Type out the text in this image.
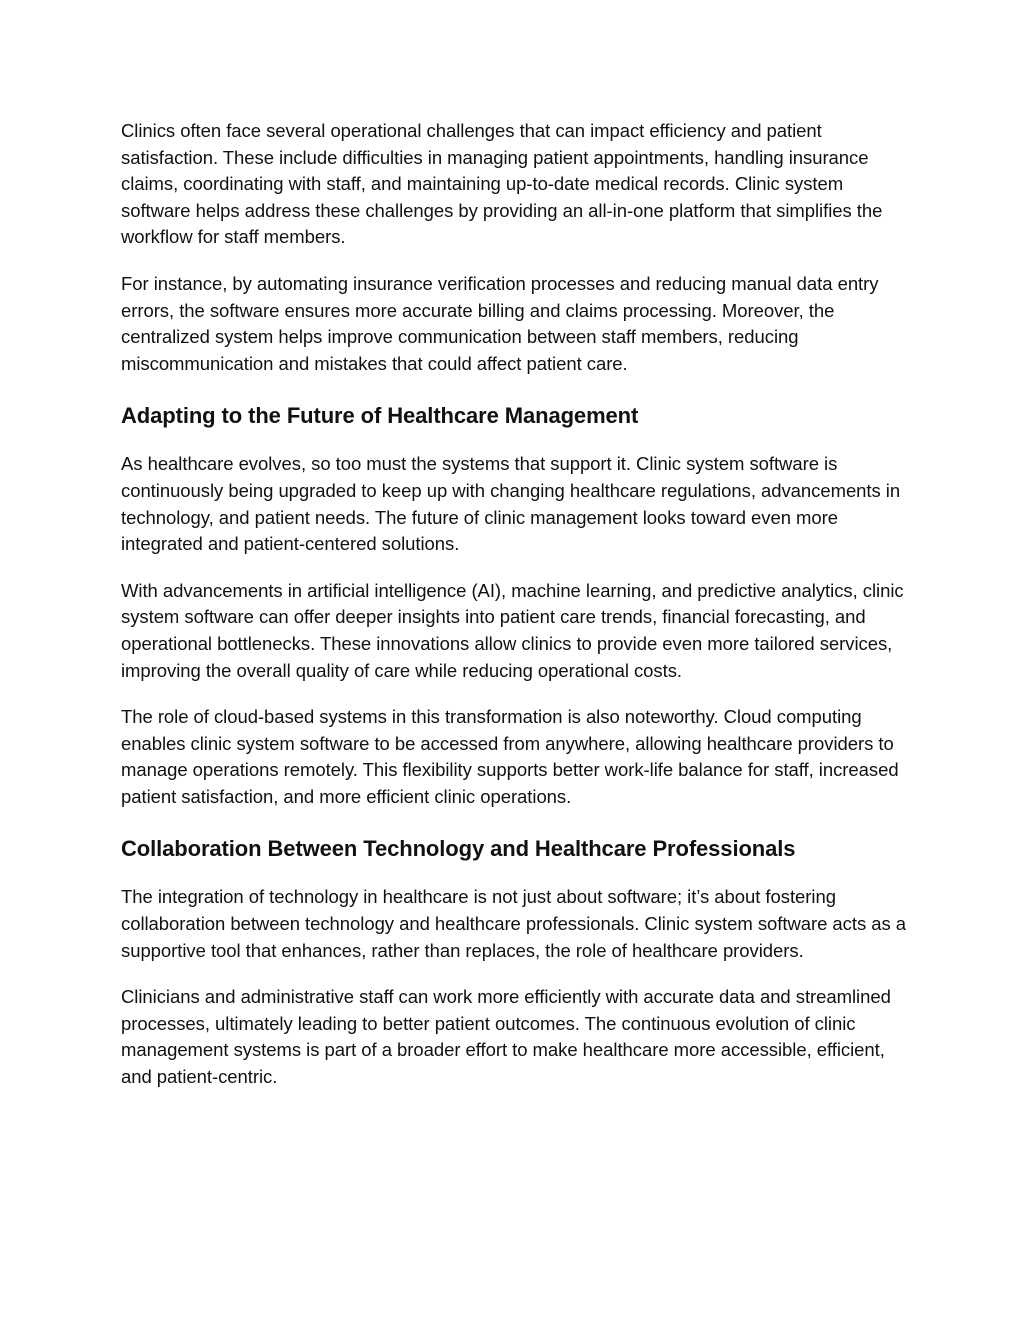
Clinics often face several operational challenges that can impact efficiency and patient satisfaction. These include difficulties in managing patient appointments, handling insurance claims, coordinating with staff, and maintaining up-to-date medical records. Clinic system software helps address these challenges by providing an all-in-one platform that simplifies the workflow for staff members.

For instance, by automating insurance verification processes and reducing manual data entry errors, the software ensures more accurate billing and claims processing. Moreover, the centralized system helps improve communication between staff members, reducing miscommunication and mistakes that could affect patient care.

Adapting to the Future of Healthcare Management

As healthcare evolves, so too must the systems that support it. Clinic system software is continuously being upgraded to keep up with changing healthcare regulations, advancements in technology, and patient needs. The future of clinic management looks toward even more integrated and patient-centered solutions.

With advancements in artificial intelligence (AI), machine learning, and predictive analytics, clinic system software can offer deeper insights into patient care trends, financial forecasting, and operational bottlenecks. These innovations allow clinics to provide even more tailored services, improving the overall quality of care while reducing operational costs.

The role of cloud-based systems in this transformation is also noteworthy. Cloud computing enables clinic system software to be accessed from anywhere, allowing healthcare providers to manage operations remotely. This flexibility supports better work-life balance for staff, increased patient satisfaction, and more efficient clinic operations.

Collaboration Between Technology and Healthcare Professionals

The integration of technology in healthcare is not just about software; it’s about fostering collaboration between technology and healthcare professionals. Clinic system software acts as a supportive tool that enhances, rather than replaces, the role of healthcare providers.

Clinicians and administrative staff can work more efficiently with accurate data and streamlined processes, ultimately leading to better patient outcomes. The continuous evolution of clinic management systems is part of a broader effort to make healthcare more accessible, efficient, and patient-centric.
